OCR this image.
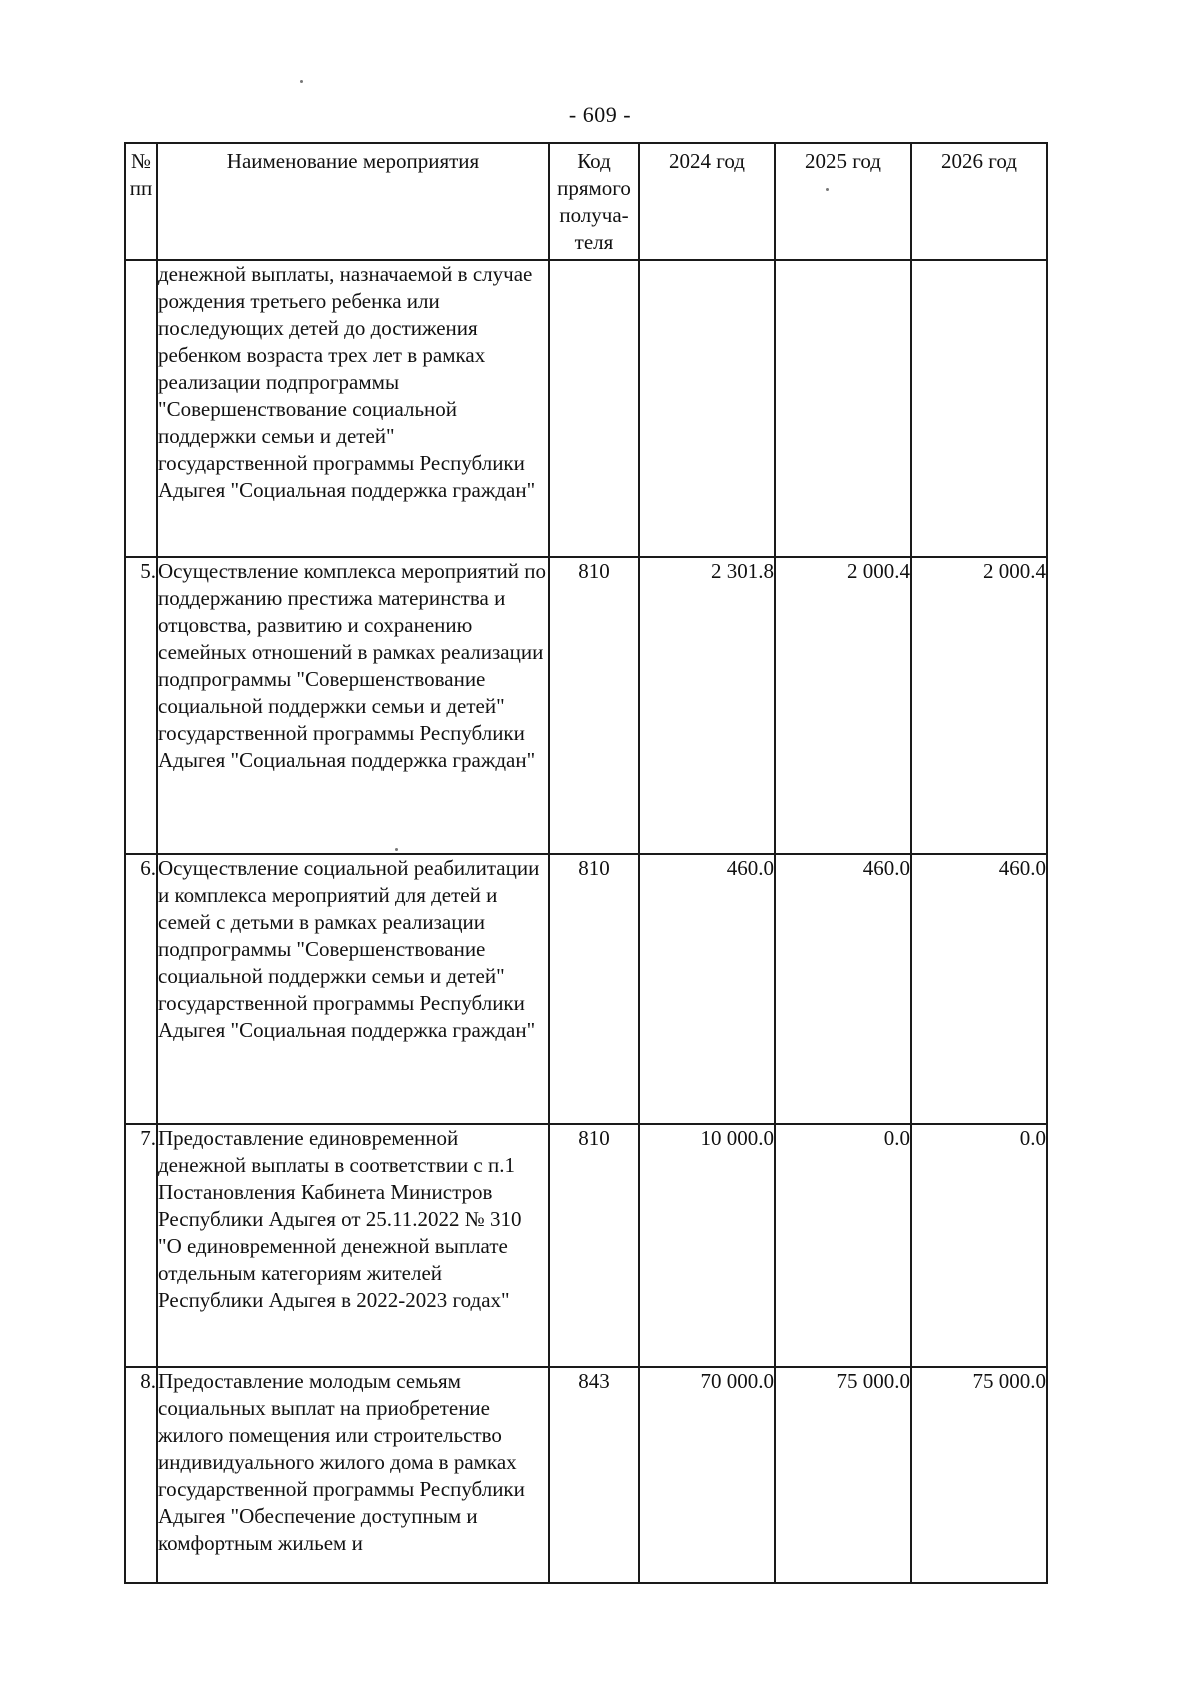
- 609 -
№ пп	Наименование мероприятия	Код прямого получа-теля	2024 год	2025 год	2026 год
	денежной выплаты, назначаемой в случае рождения третьего ребенка или последующих детей до достижения ребенком возраста трех лет в рамках реализации подпрограммы "Совершенствование социальной поддержки семьи и детей" государственной программы Республики Адыгея "Социальная поддержка граждан"				
5.	Осуществление комплекса мероприятий по поддержанию престижа материнства и отцовства, развитию и сохранению семейных отношений в рамках реализации подпрограммы "Совершенствование социальной поддержки семьи и детей" государственной программы Республики Адыгея "Социальная поддержка граждан"	810	2 301.8	2 000.4	2 000.4
6.	Осуществление социальной реабилитации и комплекса мероприятий для детей и семей с детьми в рамках реализации подпрограммы "Совершенствование социальной поддержки семьи и детей" государственной программы Республики Адыгея "Социальная поддержка граждан"	810	460.0	460.0	460.0
7.	Предоставление единовременной денежной выплаты в соответствии с п.1 Постановления Кабинета Министров Республики Адыгея от 25.11.2022 № 310 "О единовременной денежной выплате отдельным категориям жителей Республики Адыгея в 2022-2023 годах"	810	10 000.0	0.0	0.0
8.	Предоставление молодым семьям социальных выплат на приобретение жилого помещения или строительство индивидуального жилого дома в рамках государственной программы Республики Адыгея "Обеспечение доступным и комфортным жильем и	843	70 000.0	75 000.0	75 000.0
